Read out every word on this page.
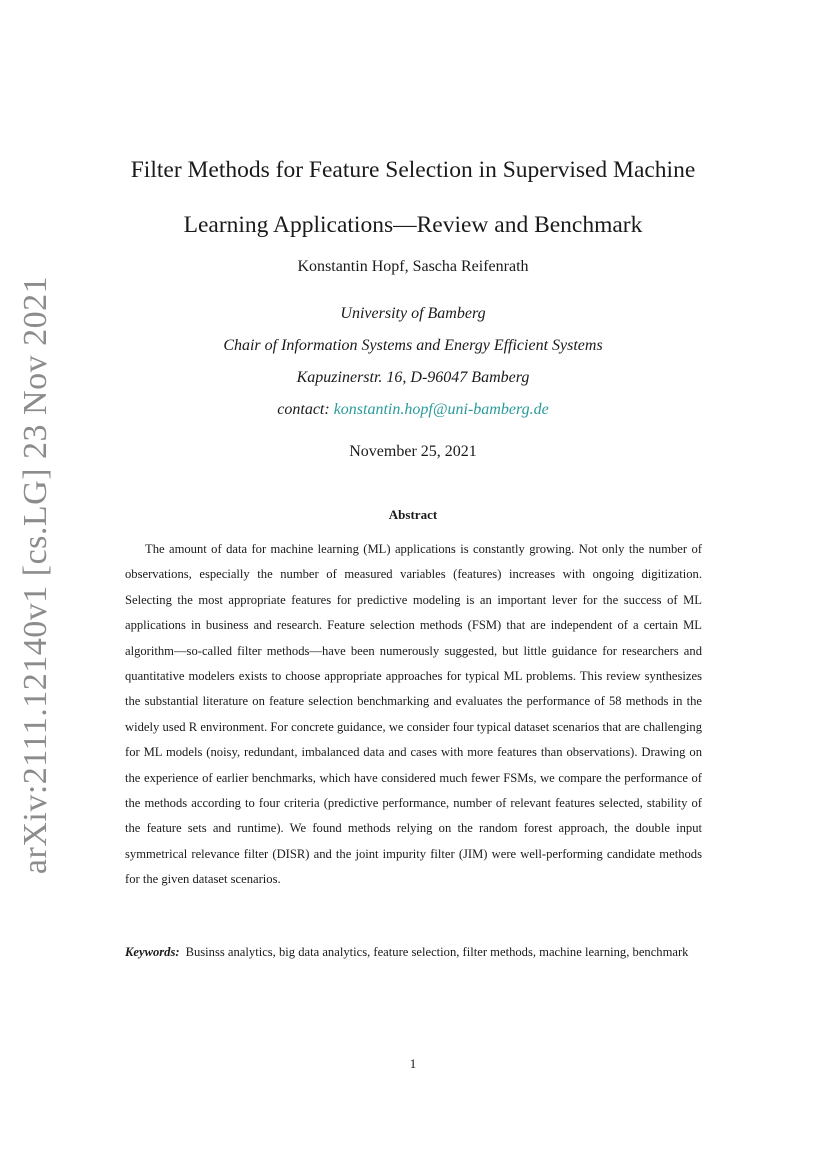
arXiv:2111.12140v1 [cs.LG] 23 Nov 2021
Filter Methods for Feature Selection in Supervised Machine
Learning Applications—Review and Benchmark
Konstantin Hopf, Sascha Reifenrath
University of Bamberg
Chair of Information Systems and Energy Efficient Systems
Kapuzinerstr. 16, D-96047 Bamberg
contact: konstantin.hopf@uni-bamberg.de
November 25, 2021
Abstract

The amount of data for machine learning (ML) applications is constantly growing. Not only the number of observations, especially the number of measured variables (features) increases with ongoing digitization. Selecting the most appropriate features for predictive modeling is an important lever for the success of ML applications in business and research. Feature selection methods (FSM) that are independent of a certain ML algorithm—so-called filter methods—have been numerously suggested, but little guidance for researchers and quantitative modelers exists to choose appropriate approaches for typical ML problems. This review synthesizes the substantial literature on feature selection benchmarking and evaluates the performance of 58 methods in the widely used R environment. For concrete guidance, we consider four typical dataset scenarios that are challenging for ML models (noisy, redundant, imbalanced data and cases with more features than observations). Drawing on the experience of earlier benchmarks, which have considered much fewer FSMs, we compare the performance of the methods according to four criteria (predictive performance, number of relevant features selected, stability of the feature sets and runtime). We found methods relying on the random forest approach, the double input symmetrical relevance filter (DISR) and the joint impurity filter (JIM) were well-performing candidate methods for the given dataset scenarios.

Keywords: Businss analytics, big data analytics, feature selection, filter methods, machine learning, benchmark

1
